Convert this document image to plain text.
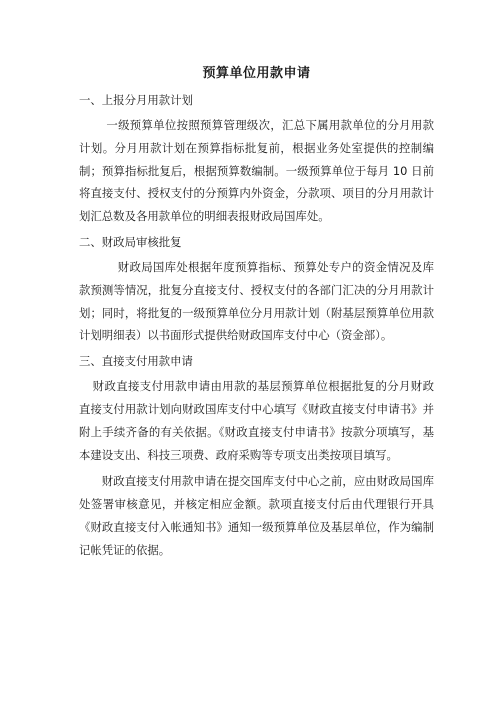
预算单位用款申请
一、上报分月用款计划

一级预算单位按照预算管理级次，汇总下属用款单位的分月用款计划。分月用款计划在预算指标批复前，根据业务处室提供的控制编制；预算指标批复后，根据预算数编制。一级预算单位于每月 10 日前将直接支付、授权支付的分预算内外资金，分款项、项目的分月用款计划汇总数及各用款单位的明细表报财政局国库处。

二、财政局审核批复

财政局国库处根据年度预算指标、预算处专户的资金情况及库款预测等情况，批复分直接支付、授权支付的各部门汇决的分月用款计划；同时，将批复的一级预算单位分月用款计划（附基层预算单位用款计划明细表）以书面形式提供给财政国库支付中心（资金部）。

三、直接支付用款申请

财政直接支付用款申请由用款的基层预算单位根据批复的分月财政直接支付用款计划向财政国库支付中心填写《财政直接支付申请书》并附上手续齐备的有关依据。《财政直接支付申请书》按款分项填写，基本建设支出、科技三项费、政府采购等专项支出类按项目填写。

财政直接支付用款申请在提交国库支付中心之前，应由财政局国库处签署审核意见，并核定相应金额。款项直接支付后由代理银行开具《财政直接支付入帐通知书》通知一级预算单位及基层单位，作为编制记帐凭证的依据。
